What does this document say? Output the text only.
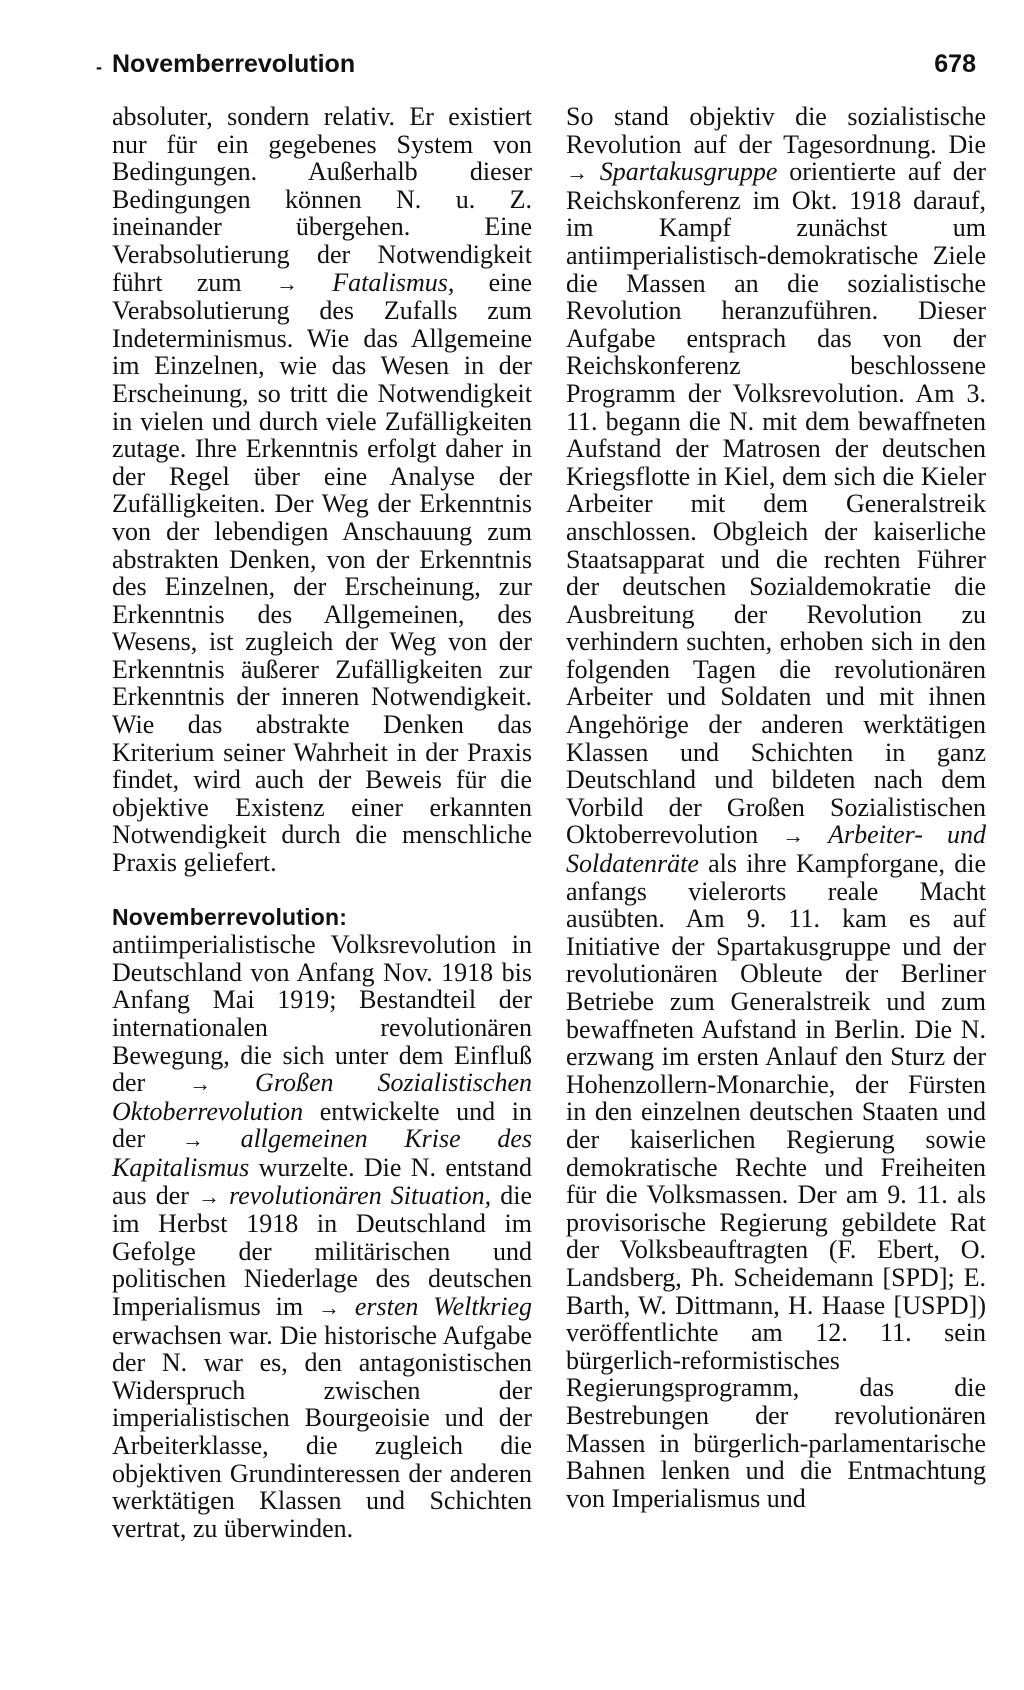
- Novemberrevolution	678

absoluter, sondern relativ. Er existiert nur für ein gegebenes System von Bedingungen. Außerhalb dieser Bedingungen können N. u. Z. ineinander übergehen. Eine Verabsolutierung der Notwendigkeit führt zum → Fatalismus, eine Verabsolutierung des Zufalls zum Indeterminismus. Wie das Allgemeine im Einzelnen, wie das Wesen in der Erscheinung, so tritt die Notwendigkeit in vielen und durch viele Zufälligkeiten zutage. Ihre Erkenntnis erfolgt daher in der Regel über eine Analyse der Zufälligkeiten. Der Weg der Erkenntnis von der lebendigen Anschauung zum abstrakten Denken, von der Erkenntnis des Einzelnen, der Erscheinung, zur Erkenntnis des Allgemeinen, des Wesens, ist zugleich der Weg von der Erkenntnis äußerer Zufälligkeiten zur Erkenntnis der inneren Notwendigkeit. Wie das abstrakte Denken das Kriterium seiner Wahrheit in der Praxis findet, wird auch der Beweis für die objektive Existenz einer erkannten Notwendigkeit durch die menschliche Praxis geliefert.

Novemberrevolution: antiimperialistische Volksrevolution in Deutschland von Anfang Nov. 1918 bis Anfang Mai 1919; Bestandteil der internationalen revolutionären Bewegung, die sich unter dem Einfluß der → Großen Sozialistischen Oktoberrevolution entwickelte und in der → allgemeinen Krise des Kapitalismus wurzelte. Die N. entstand aus der → revolutionären Situation, die im Herbst 1918 in Deutschland im Gefolge der militärischen und politischen Niederlage des deutschen Imperialismus im → ersten Weltkrieg erwachsen war. Die historische Aufgabe der N. war es, den antagonistischen Widerspruch zwischen der imperialistischen Bourgeoisie und der Arbeiterklasse, die zugleich die objektiven Grundinteressen der anderen werktätigen Klassen und Schichten vertrat, zu überwinden.

So stand objektiv die sozialistische Revolution auf der Tagesordnung. Die → Spartakusgruppe orientierte auf der Reichskonferenz im Okt. 1918 darauf, im Kampf zunächst um antiimperialistisch-demokratische Ziele die Massen an die sozialistische Revolution heranzuführen. Dieser Aufgabe entsprach das von der Reichskonferenz beschlossene Programm der Volksrevolution. Am 3. 11. begann die N. mit dem bewaffneten Aufstand der Matrosen der deutschen Kriegsflotte in Kiel, dem sich die Kieler Arbeiter mit dem Generalstreik anschlossen. Obgleich der kaiserliche Staatsapparat und die rechten Führer der deutschen Sozialdemokratie die Ausbreitung der Revolution zu verhindern suchten, erhoben sich in den folgenden Tagen die revolutionären Arbeiter und Soldaten und mit ihnen Angehörige der anderen werktätigen Klassen und Schichten in ganz Deutschland und bildeten nach dem Vorbild der Großen Sozialistischen Oktoberrevolution → Arbeiter- und Soldatenräte als ihre Kampforgane, die anfangs vielerorts reale Macht ausübten. Am 9. 11. kam es auf Initiative der Spartakusgruppe und der revolutionären Obleute der Berliner Betriebe zum Generalstreik und zum bewaffneten Aufstand in Berlin. Die N. erzwang im ersten Anlauf den Sturz der Hohenzollern-Monarchie, der Fürsten in den einzelnen deutschen Staaten und der kaiserlichen Regierung sowie demokratische Rechte und Freiheiten für die Volksmassen. Der am 9. 11. als provisorische Regierung gebildete Rat der Volksbeauftragten (F. Ebert, O. Landsberg, Ph. Scheidemann [SPD]; E. Barth, W. Dittmann, H. Haase [USPD]) veröffentlichte am 12. 11. sein bürgerlich-reformistisches Regierungsprogramm, das die Bestrebungen der revolutionären Massen in bürgerlich-parlamentarische Bahnen lenken und die Entmachtung von Imperialismus und
